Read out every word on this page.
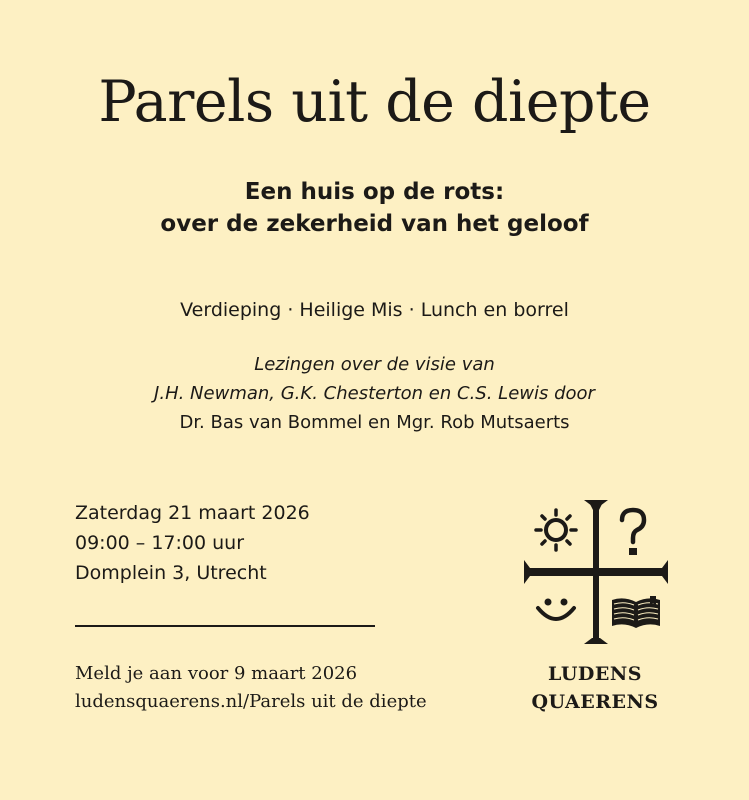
Parels uit de diepte
Een huis op de rots:
over de zekerheid van het geloof
Verdieping · Heilige Mis · Lunch en borrel
Lezingen over de visie van
J.H. Newman, G.K. Chesterton en C.S. Lewis door
Dr. Bas van Bommel en Mgr. Rob Mutsaerts
Zaterdag 21 maart 2026
09:00 – 17:00 uur
Domplein 3, Utrecht
Meld je aan voor 9 maart 2026
ludensquaerens.nl/Parels uit de diepte
LUDENS
QUAERENS
